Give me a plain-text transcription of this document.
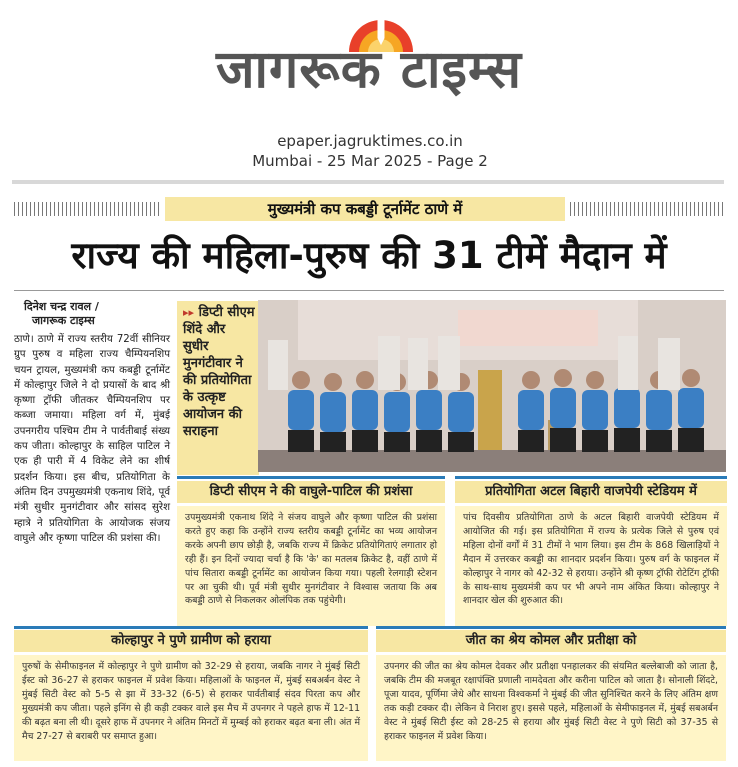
जागरूक टाइम्स
epaper.jagruktimes.co.in
Mumbai - 25 Mar 2025 - Page 2
मुख्यमंत्री कप कबड्डी टूर्नामेंट ठाणे में
राज्य की महिला-पुरुष की 31 टीमें मैदान में
दिनेश चन्द्र रावल /
जागरूक टाइम्स
ठाणे। ठाणे में राज्य स्तरीय 72वीं सीनियर ग्रुप पुरुष व महिला राज्य चैम्पियनशिप चयन ट्रायल, मुख्यमंत्री कप कबड्डी टूर्नामेंट में कोल्हापुर जिले ने दो प्रयासों के बाद श्री कृष्णा ट्रॉफी जीतकर चैम्पियनशिप पर कब्जा जमाया। महिला वर्ग में, मुंबई उपनगरीय पश्चिम टीम ने पार्वतीबाई संख्य कप जीता। कोल्हापुर के साहिल पाटिल ने एक ही पारी में 4 विकेट लेने का शीर्ष प्रदर्शन किया। इस बीच, प्रतियोगिता के अंतिम दिन उपमुख्यमंत्री एकनाथ शिंदे, पूर्व मंत्री सुधीर मुनगंटीवार और सांसद सुरेश म्हात्रे ने प्रतियोगिता के आयोजक संजय वाघुले और कृष्णा पाटिल की प्रशंसा की।
▸▸ डिप्टी सीएम शिंदे और सुधीर मुनगंटीवार ने की प्रतियोगिता के उत्कृष्ट आयोजन की सराहना
डिप्टी सीएम ने की वाघुले-पाटिल की प्रशंसा
उपमुख्यमंत्री एकनाथ शिंदे ने संजय वाघुले और कृष्णा पाटिल की प्रशंसा करते हुए कहा कि उन्होंने राज्य स्तरीय कबड्डी टूर्नामेंट का भव्य आयोजन करके अपनी छाप छोड़ी है, जबकि राज्य में क्रिकेट प्रतियोगिताएं लगातार हो रही हैं। इन दिनों ज्यादा चर्चा है कि 'के' का मतलब क्रिकेट है, वहीं ठाणे में पांच सितारा कबड्डी टूर्नामेंट का आयोजन किया गया। पहली रेलगाड़ी स्टेशन पर आ चुकी थी। पूर्व मंत्री सुधीर मुनगंटीवार ने विश्वास जताया कि अब कबड्डी ठाणे से निकलकर ओलंपिक तक पहुंचेगी।
प्रतियोगिता अटल बिहारी वाजपेयी स्टेडियम में
पांच दिवसीय प्रतियोगिता ठाणे के अटल बिहारी वाजपेयी स्टेडियम में आयोजित की गई। इस प्रतियोगिता में राज्य के प्रत्येक जिले से पुरुष एवं महिला दोनों वर्गों में 31 टीमों ने भाग लिया। इस टीम के 868 खिलाड़ियों ने मैदान में उत्तरकर कबड्डी का शानदार प्रदर्शन किया। पुरुष वर्ग के फाइनल में कोल्हापुर ने नागर को 42-32 से हराया। उन्होंने श्री कृष्ण ट्रॉफी रोटेटिंग ट्रॉफी के साथ-साथ मुख्यमंत्री कप पर भी अपने नाम अंकित किया। कोल्हापुर ने शानदार खेल की शुरुआत की।
कोल्हापुर ने पुणे ग्रामीण को हराया
पुरुषों के सेमीफाइनल में कोल्हापुर ने पुणे ग्रामीण को 32-29 से हराया, जबकि नागर ने मुंबई सिटी ईस्ट को 36-27 से हराकर फाइनल में प्रवेश किया। महिलाओं के फाइनल में, मुंबई सबअर्बन वेस्ट ने मुंबई सिटी वेस्ट को 5-5 से झा में 33-32 (6-5) से हराकर पार्वतीबाई संदव पिरता कप और मुख्यमंत्री कप जीता। पहले इनिंग से ही कड़ी टक्कर वाले इस मैच में उपनगर ने पहले हाफ में 12-11 की बढ़त बना ली थी। दूसरे हाफ में उपनगर ने अंतिम मिनटों में मुम्बई को हराकर बढ़त बना ली। अंत में मैच 27-27 से बराबरी पर समाप्त हुआ।
जीत का श्रेय कोमल और प्रतीक्षा को
उपनगर की जीत का श्रेय कोमल देवकर और प्रतीक्षा पनहालकर की संयमित बल्लेबाजी को जाता है, जबकि टीम की मजबूत रक्षापंक्ति प्रणाली नामदेवता और करीना पाटिल को जाता है। सोनाली शिंदटे, पूजा यादव, पूर्णिमा जेधे और साधना विश्वकर्मा ने मुंबई की जीत सुनिश्चित करने के लिए अंतिम क्षण तक कड़ी टक्कर दी। लेकिन वे निराश हुए। इससे पहले, महिलाओं के सेमीफाइनल में, मुंबई सबअर्बन वेस्ट ने मुंबई सिटी ईस्ट को 28-25 से हराया और मुंबई सिटी वेस्ट ने पुणे सिटी को 37-35 से हराकर फाइनल में प्रवेश किया।
